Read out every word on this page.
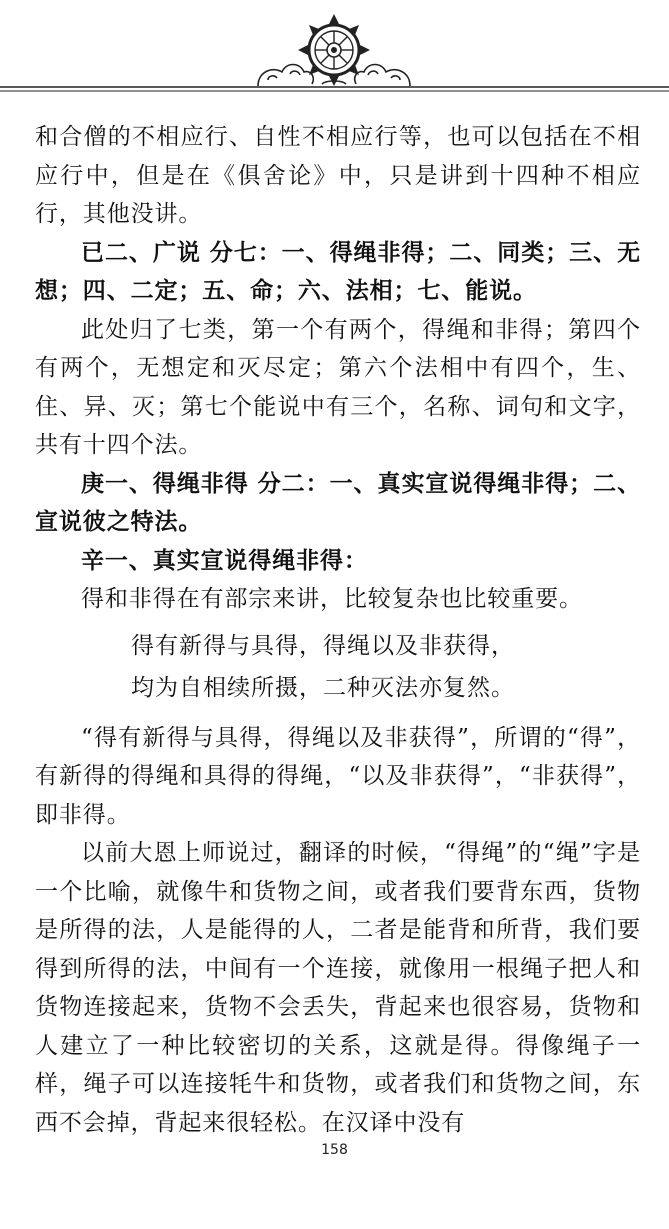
和合僧的不相应行、自性不相应行等，也可以包括在不相应行中，但是在《俱舍论》中，只是讲到十四种不相应行，其他没讲。

已二、广说 分七：一、得绳非得；二、同类；三、无想；四、二定；五、命；六、法相；七、能说。

此处归了七类，第一个有两个，得绳和非得；第四个有两个，无想定和灭尽定；第六个法相中有四个，生、住、异、灭；第七个能说中有三个，名称、词句和文字，共有十四个法。

庚一、得绳非得 分二：一、真实宣说得绳非得；二、宣说彼之特法。

辛一、真实宣说得绳非得：

得和非得在有部宗来讲，比较复杂也比较重要。

得有新得与具得，得绳以及非获得，
均为自相续所摄，二种灭法亦复然。

“得有新得与具得，得绳以及非获得”，所谓的“得”，有新得的得绳和具得的得绳，“以及非获得”，“非获得”，即非得。

以前大恩上师说过，翻译的时候，“得绳”的“绳”字是一个比喻，就像牛和货物之间，或者我们要背东西，货物是所得的法，人是能得的人，二者是能背和所背，我们要得到所得的法，中间有一个连接，就像用一根绳子把人和货物连接起来，货物不会丢失，背起来也很容易，货物和人建立了一种比较密切的关系，这就是得。得像绳子一样，绳子可以连接牦牛和货物，或者我们和货物之间，东西不会掉，背起来很轻松。在汉译中没有

158
